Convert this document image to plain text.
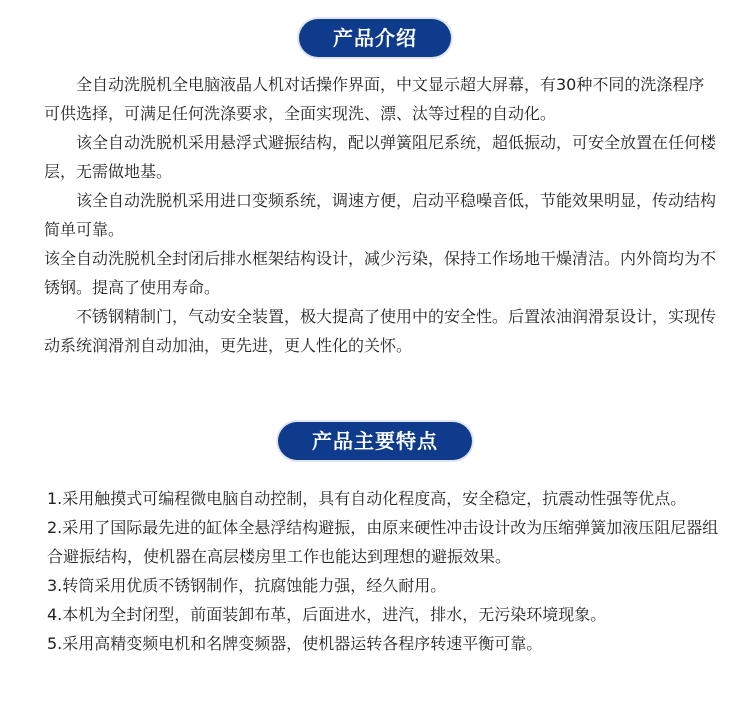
产品介绍

全自动洗脱机全电脑液晶人机对话操作界面，中文显示超大屏幕，有30种不同的洗涤程序可供选择，可满足任何洗涤要求，全面实现洗、漂、汰等过程的自动化。

该全自动洗脱机采用悬浮式避振结构，配以弹簧阻尼系统，超低振动，可安全放置在任何楼层，无需做地基。

该全自动洗脱机采用进口变频系统，调速方便，启动平稳噪音低，节能效果明显，传动结构简单可靠。

该全自动洗脱机全封闭后排水框架结构设计，减少污染，保持工作场地干燥清洁。内外筒均为不锈钢。提高了使用寿命。

不锈钢精制门，气动安全装置，极大提高了使用中的安全性。后置浓油润滑泵设计，实现传动系统润滑剂自动加油，更先进，更人性化的关怀。

产品主要特点

1.采用触摸式可编程微电脑自动控制，具有自动化程度高，安全稳定，抗震动性强等优点。

2.采用了国际最先进的缸体全悬浮结构避振，由原来硬性冲击设计改为压缩弹簧加液压阻尼器组合避振结构，使机器在高层楼房里工作也能达到理想的避振效果。

3.转筒采用优质不锈钢制作，抗腐蚀能力强，经久耐用。

4.本机为全封闭型，前面装卸布革，后面进水，进汽，排水，无污染环境现象。

5.采用高精变频电机和名牌变频器，使机器运转各程序转速平衡可靠。
